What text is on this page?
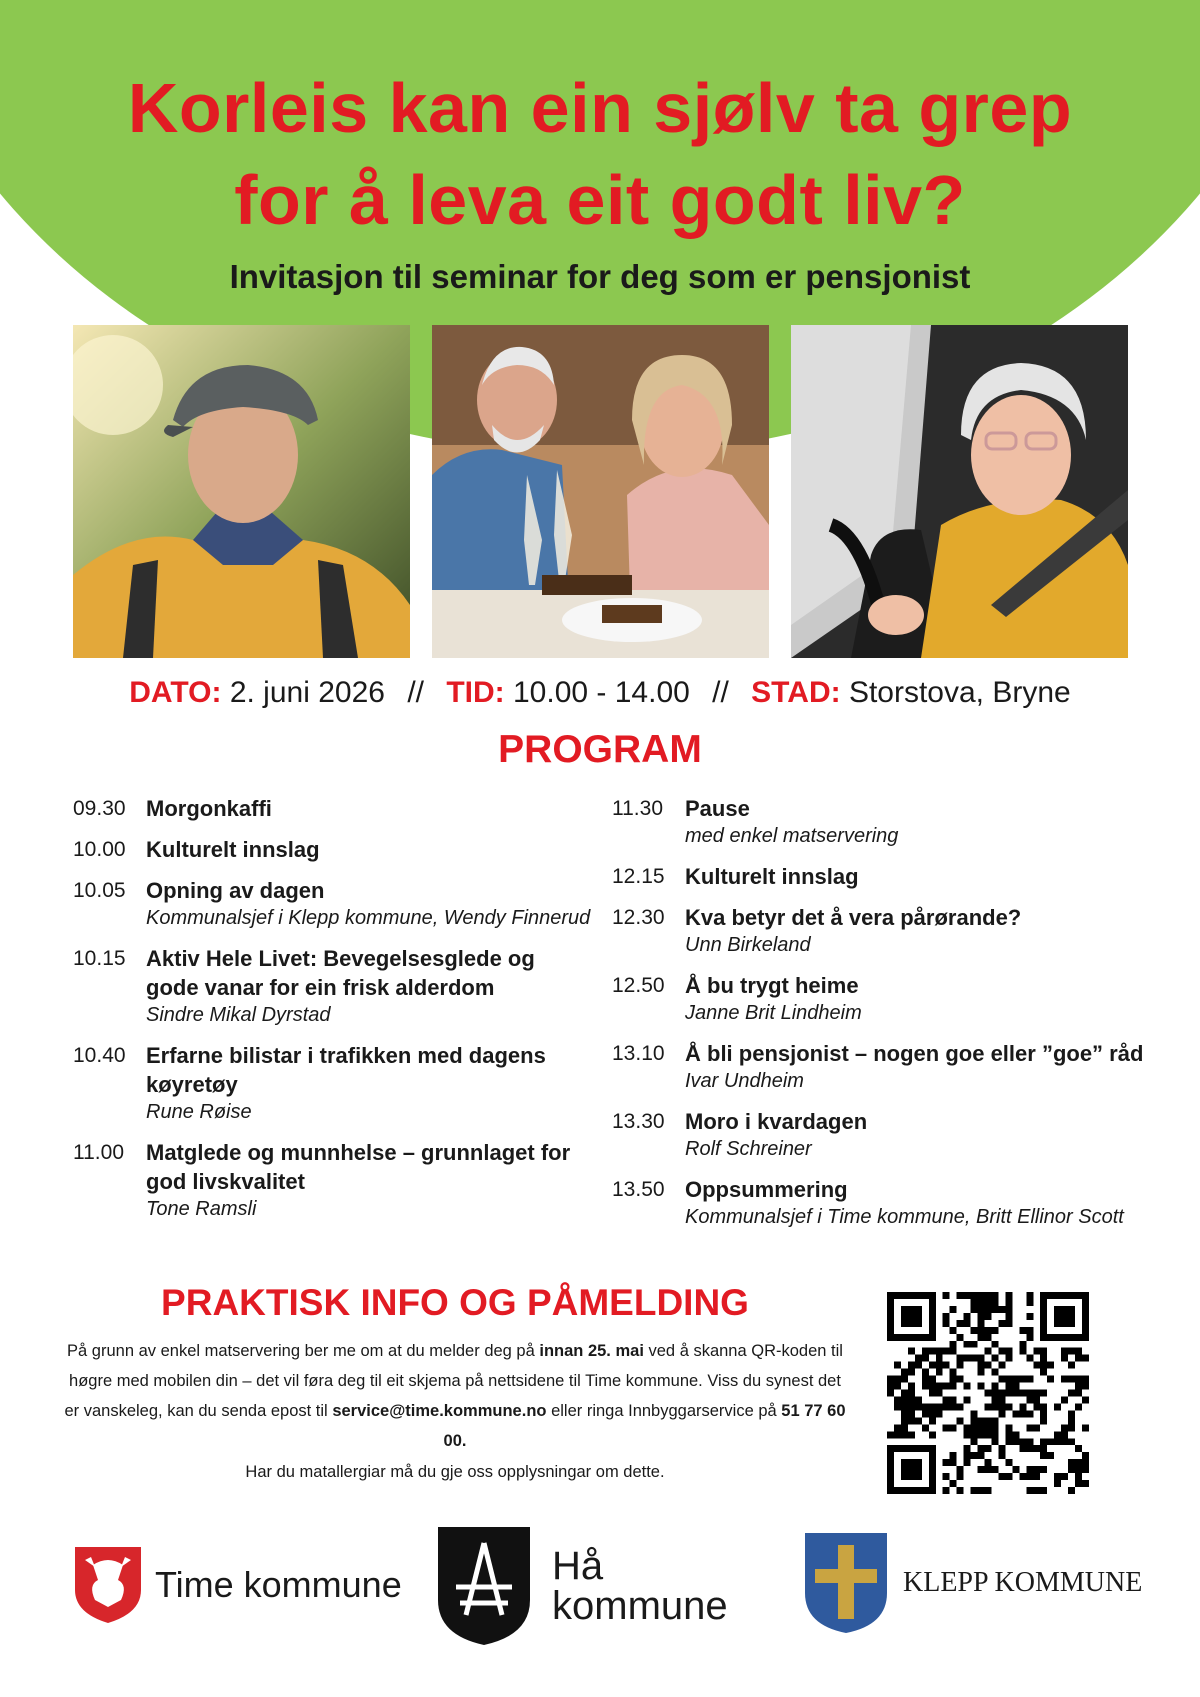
Korleis kan ein sjølv ta grep
for å leva eit godt liv?
Invitasjon til seminar for deg som er pensjonist
DATO: 2. juni 2026 // TID: 10.00 - 14.00 // STAD: Storstova, Bryne
PROGRAM
09.30 Morgonkaffi
10.00 Kulturelt innslag
10.05 Opning av dagen
Kommunalsjef i Klepp kommune, Wendy Finnerud
10.15 Aktiv Hele Livet: Bevegelsesglede og gode vanar for ein frisk alderdom
Sindre Mikal Dyrstad
10.40 Erfarne bilistar i trafikken med dagens køyretøy
Rune Røise
11.00	Matglede og munnhelse – grunnlaget for god livskvalitet
Tone Ramsli
11.30	Pause
med enkel matservering
12.15 Kulturelt innslag
12.30 Kva betyr det å vera pårørande?
Unn Birkeland
12.50 Å bu trygt heime
Janne Brit Lindheim
13.10 Å bli pensjonist – nogen goe eller ”goe” råd
Ivar Undheim
13.30 Moro i kvardagen
Rolf Schreiner
13.50 Oppsummering
Kommunalsjef i Time kommune, Britt Ellinor Scott
PRAKTISK INFO OG PÅMELDING

På grunn av enkel matservering ber me om at du melder deg på innan 25. mai ved å skanna QR-koden til høgre med mobilen din – det vil føra deg til eit skjema på nettsidene til Time kommune. Viss du synest det er vanskeleg, kan du senda epost til service@time.kommune.no eller ringa Innbyggarservice på 51 77 60 00.

Har du matallergiar må du gje oss opplysningar om dette.

Time kommune	Hå
kommune
KLEPP KOMMUNE
